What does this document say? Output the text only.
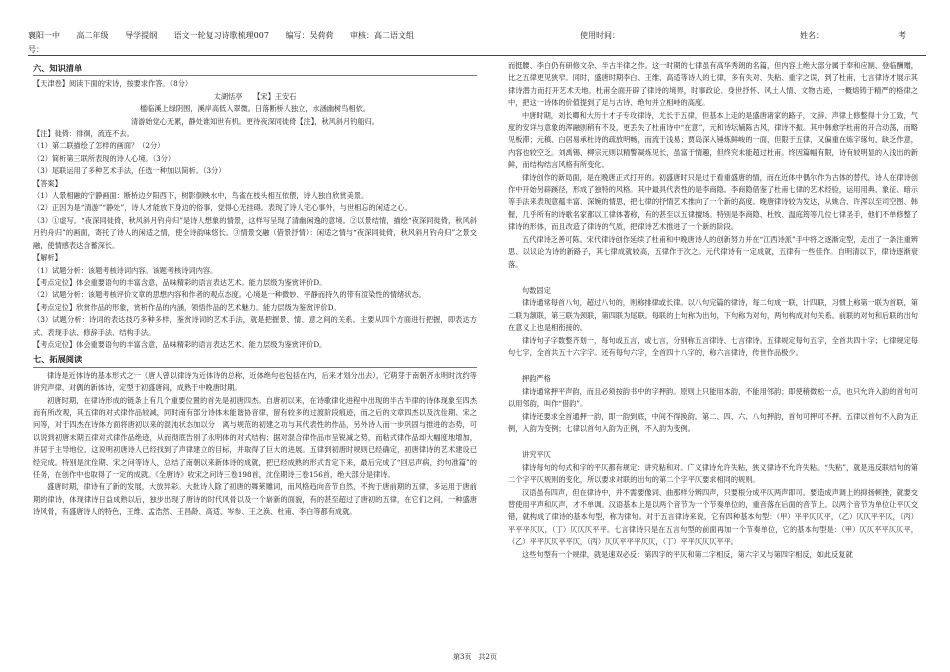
襄阳一中 高二年级 导学提纲 语文一轮复习诗歌梳理007 编写：吴荷荷 审核：高二语文组	使用时间：	姓名：	考
号：

六、知识清单

【天津卷】阅读下面的宋诗，按要求作答。（8分）

太湖恬亭　　【宋】王安石

槛临溪上绿阴围，溪岸高低入翠微。日落断桥人独立，水涵幽树鸟相依。

清游始觉心无累，静处谁知世有机。更待夜深同徙倚【注】，秋风斜月钓船归。

【注】徙倚：徘徊，流连不去。

（1）第二联描绘了怎样的画面？（2分）

（2）简析第三联所表现的诗人心境。（3分）

（3）尾联运用了多种艺术手法，任选一种加以简析。（3分）

【答案】

（1）人景相融的宁静画面：断桥边夕阳西下，树影倒映水中，鸟雀在枝头相互依偎，诗人独自欣赏美景。

（2）正因为是“清游”“静处”，诗人才能放下身边的俗事，觉得心无挂碍。表现了诗人宅心事外，与世相忘的闲适之心。

（3）①虚写。“夜深同徙倚，秋风斜月钓舟归”是诗人想象的情景，这样写呈现了清幽闲逸的意境。②以景结情，描绘“夜深同徙倚，秋风斜月钓舟归”的画面，寄托了诗人的闲适之情，使全诗韵味悠长。③情景交融（借景抒情）：闲适之情与“夜深同徙倚，秋风斜月钓舟归”之景交融，使情感表达含蓄深长。

【解析】

（1）试题分析：该题考核诗词内容。该题考核诗词内容。

【考点定位】体会重要语句的丰富含意，品味精彩的语言表达艺术。能力层级为鉴赏评价D。

（2）试题分析：该题考核评价文章的思想内容和作者的观点态度。心境是一种微妙、平静而持久的带有渲染性的情绪状态。

【考点定位】欣赏作品的形象，赏析作品的内涵，领悟作品的艺术魅力。能力层级为鉴赏评价D。

（3）试题分析：诗词的表达技巧多种多样，鉴赏诗词的艺术手法，就是把握景、情、意之间的关系。主要从四个方面进行把握，即表达方式、表现手法、修辞手法、结构手法。

【考点定位】体会重要语句的丰富含意，品味精彩的语言表达艺术。能力层级为鉴赏评价D。

七、拓展阅读

律诗是近体诗的基本形式之一（唐人曾以律诗为近体诗的总称，近体绝句也包括在内，后来才划分出去），它萌芽于南朝齐永明时沈约等讲究声律、对偶的新体诗，定型于初盛唐间，成熟于中晚唐时期。

初唐时期，在律诗形成的链条上有几个重要位置的首先是初唐四杰。自唐初以来，在诗歌律化进程中出现的半古半律的诗体现象至四杰而有所改观，其五律的对式律作品较减，同时南有部分诗体未能谐协音律，留有较多的过渡阶段痕迹，而之后的文章四杰以及沈佺期、宋之问等，对于四杰在诗体方面将唐初以来的混沌状态加以分　离与规范的初建之功与其代表性的作品，另外诗人而一步巩固与推进的态势，可以说到初唐末期五律对式律作品绝迹，从而彻底告别了永明体的对式结构；据对混合律作品市呈锐减之势，而粘式律作品却大幅度地增加，并居于主导地位，这说明初唐诗人已经找到了声律建立的目标，并取得了巨大的进展。五律到初唐时规则已经确定，初唐律诗的艺术建设已经完成。特别是沈佺期、宋之问等诗人，总结了南朝以来新体诗的成就，把已经成熟的形式肯定下来，最后完成了“回忌声病，约句准篇”的任务，在创作中也取得了一定的成就。《全唐诗》收宋之问诗三卷198首，沈佺期诗三卷156首，绝大部分是律诗。

盛唐时期，律诗有了新的发展，大放异彩。大批诗人除了初唐的舞莱雕词，而风格趋向音节自然，不拘于唐前期的五律，多运用于唐前期的律诗，体现律诗日益成熟以后，独步出现了唐诗的时代风骨以及一个崭新的面貌，有的甚至超过了唐初的五律，在它们之间，一种盛唐诗风骨，有盛唐诗人的特色，王维、孟浩然、王昌龄、高适、岑参、王之涣、杜甫、李白等都有成就。

而挺腰、李白仍有研修文杂、半古半律之作。这一时期的七律虽有高华秀朗的名篇，但内容上绝大部分属于奉和应制、登临酬赠，比之五律更见狭窄。同时，盛唐时期李白、王维、高适等诗人的七律，多有失对、失粘、重字之误，到了杜甫，七言律诗才展示其律诗潜力而打开艺术天地。杜甫全面开辟了律诗的境界，时事政论、身世抒怀、风土人情、文物古迹，一概熔铸于精严的格律之中，把这一诗体的价值提到了足与古诗、绝句并立相峙的高度。

中唐时期，刘长卿和大历十才子专攻律诗，尤长于五律，但基本上走的是盛唐诸家的路子，文辞、声律上修整得十分工致，气度的安详与意象的浑融则稍有不及，更丢失了杜甫诗中“在意”，元和诗坛辅陈古风，律诗不振。其中韩愈学杜甫的开合动荡，而略见板滞；元稹、白居易承杜诗的疏放明畅，而流于浅易；贾岛深入锤炼鲜峻的一面，但限于五律，又偏重在炼字琢句，缺乏作意，内容也较空乏。刘禹锡、柳宗元则以精警凝炼见长，虽富于情趣，但终究未能超过杜甫。终因篇幅有限，诗有较明显的入浅出的新鲜，而结构结言风格有所变化。

律诗创作的新局面，是在晚唐正式打开的。初盛唐时只是过于看重盛唐的情，而在近体中偶尔作为古体的替代，诗人在律诗创作中开始另辟蹊径，形成了独特的风格。其中最具代表性的是李商隐。李商隐借鉴了杜甫七律的艺术经验，运用用典、象征、暗示等手法来表现意蕴丰富、深婉的情思，把七律的抒情艺术推向了一个新的高度。晚唐律诗较为发达，从姚合、许浑以至司空图、韩偓，几乎所有的诗歌名家都以工律体著称，有的甚至以五律擅场。特别是李商隐、杜牧、温庭筠等几位七律圣手，他们不单修整了律诗的形体，而且改造了律诗的气质，把律诗艺术推进了一个新的阶段。

五代律诗乏善可陈。宋代律诗创作延续了杜甫和中晚唐诗人的创新努力并在“江西诗派”手中将之逐渐定型，走出了一条注重辨思、以议论为诗的新路子，其七律成就较高，五律作于次之。元代律诗有一定成就，五律有一些佳作。自明清以下，律诗逐渐衰落。

句数固定

律诗通常每首八句，超过八句的，则称排律或长律。以八句完篇的律诗，每二句成一联，计四联，习惯上称第一联为首联，第二联为颔联，第三联为颈联，第四联为尾联。每联的上句称为出句，下句称为对句，两句构成对句关系。前联的对句和后联的出句在意义上也是相衔接的。

律诗句子字数整齐划一，每句或五言，或七言，分别称五言律诗、七言律诗。五律规定每句五字，全首共四十字；七律规定每句七字，全首共五十六字字。还有每句六字，全首四十八字的，称六言律诗，传世作品极少。

押韵严格

律诗通常押平声韵，而且必须按韵书中的字押韵。原则上只能用本韵，不能用邻韵；即使稍微松一点，也只允许入韵的首句可以用邻韵，叫作“借韵”。

律诗还要求全首通押一韵，即一韵到底，中间不得换韵。第二、四、六、八句押韵，首句可押可不押。五律以首句不入韵为正例，入韵为变例；七律以首句入韵为正例，不入韵为变例。

讲究平仄

律诗每句的句式和字的平仄都有规定：讲究粘和对。广义律诗允许失粘，狭义律诗不允许失粘。“失粘”，就是违反联结句的第二个字平仄规则的变化，所以要求对联的出句的第二个字平仄要求相同的规则。

汉语虽有四声，但在律诗中，并不需要像词、曲那样分辨四声，只要根分成平仄两声即可。要造成声调上的抑扬顿挫，就要交替使用平声和仄声，才不单调。汉语基本上是以两个音节为一个节奏单位的，重音落在后面的音节上。以两个音节为单位让平仄交错，就构成了律诗的基本句型，称为律句。对于五言律诗来说，它有四种基本句型：（甲）平平仄仄平，（乙）仄仄平平仄，（丙）平平平仄仄，（丁）仄仄仄平平。七言律诗只是在五言句型的前面再加一个节奏单位，它的基本句型是：（甲）仄仄平平仄仄平，（乙）平平仄仄平平仄，（丙）仄仄平平平仄仄，（丁）平平仄仄仄平平。

这些句型有一个规律，就是速双必反：第四字的平仄和第二字相反，第六字又与第四字相反，如此反复就

第3页　共2页
